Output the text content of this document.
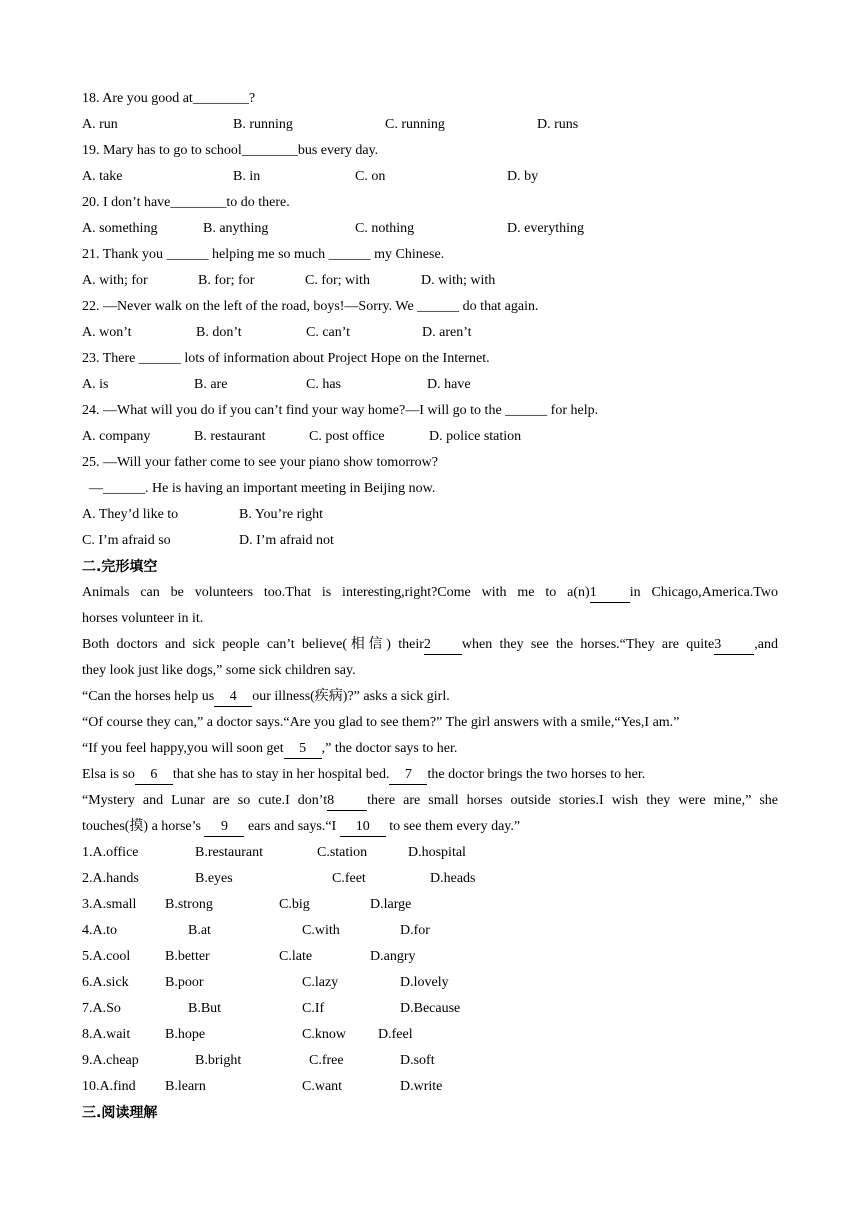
18. Are you good at________?
A. run	B. running	C. running	D. runs
19. Mary has to go to school________bus every day.
A. take	B. in	C. on	D. by
20. I don’t have________to do there.
A. something	B. anything	C. nothing	D. everything
21. Thank you ______ helping me so much ______ my Chinese.
A. with; for	B. for; for	C. for; with	D. with; with
22. —Never walk on the left of the road, boys!—Sorry. We ______ do that again.
A. won’t	B. don’t	C. can’t	D. aren’t
23. There ______ lots of information about Project Hope on the Internet.
A. is	B. are	C. has	D. have
24. —What will you do if you can’t find your way home?—I will go to the ______ for help.
A. company	B. restaurant	C. post office	D. police station
25. —Will your father come to see your piano show tomorrow?
—______. He is having an important meeting in Beijing now.
A. They’d like to	B. You’re right
C. I’m afraid so	D. I’m afraid not
二.完形填空
Animals can be volunteers too.That is interesting,right?Come with me to a(n)1 in Chicago,America.Two
horses volunteer in it.
Both doctors and sick people can’t believe(相信) their2 when they see the horses.“They are quite3 ,and
they look just like dogs,” some sick children say.
“Can the horses help us 4 our illness(疾病)?” asks a sick girl.
“Of course they can,” a doctor says.“Are you glad to see them?” The girl answers with a smile,“Yes,I am.”
“If you feel happy,you will soon get 5 ,” the doctor says to her.
Elsa is so 6 that she has to stay in her hospital bed. 7 the doctor brings the two horses to her.
“Mystery and Lunar are so cute.I don’t8 there are small horses outside stories.I wish they were mine,” she
touches(摸) a horse’s 9 ears and says.“I 10 to see them every day.”
1.A.office	B.restaurant	C.station	D.hospital
2.A.hands	B.eyes	C.feet	D.heads
3.A.small B.strong	C.big	D.large
4.A.to	B.at	C.with	D.for
5.A.cool B.better	C.late	D.angry
6.A.sick	B.poor	C.lazy	D.lovely
7.A.So	B.But	C.If	D.Because
8.A.wait B.hope	C.know D.feel
9.A.cheap	B.bright	C.free	D.soft
10.A.find B.learn	C.want	D.write
三.阅读理解
